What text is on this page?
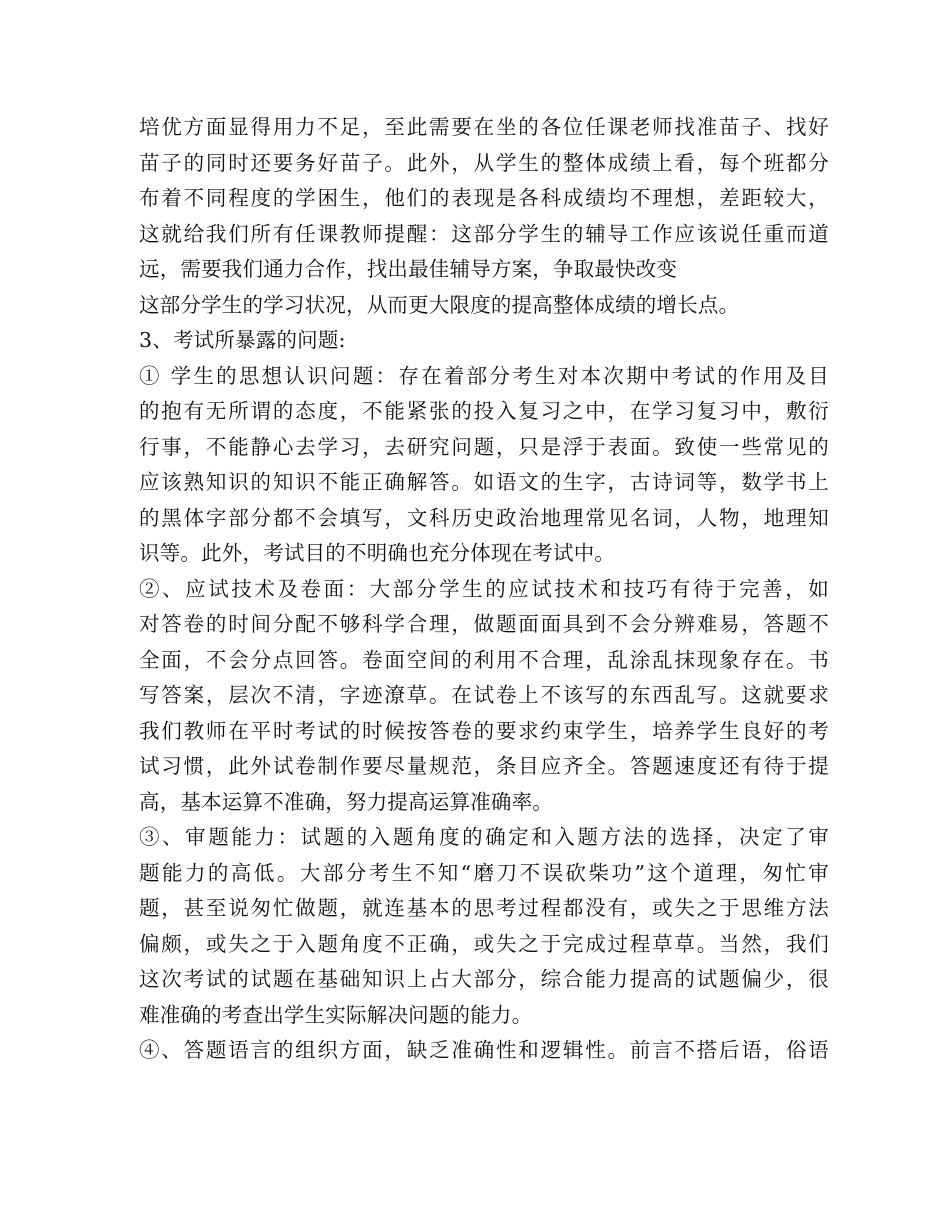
培优方面显得用力不足，至此需要在坐的各位任课老师找准苗子、找好
苗子的同时还要务好苗子。此外，从学生的整体成绩上看，每个班都分
布着不同程度的学困生，他们的表现是各科成绩均不理想，差距较大，
这就给我们所有任课教师提醒：这部分学生的辅导工作应该说任重而道
远，需要我们通力合作，找出最佳辅导方案，争取最快改变
这部分学生的学习状况，从而更大限度的提高整体成绩的增长点。
3、考试所暴露的问题:
① 学生的思想认识问题：存在着部分考生对本次期中考试的作用及目
的抱有无所谓的态度，不能紧张的投入复习之中，在学习复习中，敷衍
行事，不能静心去学习，去研究问题，只是浮于表面。致使一些常见的
应该熟知识的知识不能正确解答。如语文的生字，古诗词等，数学书上
的黑体字部分都不会填写，文科历史政治地理常见名词，人物，地理知
识等。此外，考试目的不明确也充分体现在考试中。
②、应试技术及卷面：大部分学生的应试技术和技巧有待于完善，如
对答卷的时间分配不够科学合理，做题面面具到不会分辨难易，答题不
全面，不会分点回答。卷面空间的利用不合理，乱涂乱抹现象存在。书
写答案，层次不清，字迹潦草。在试卷上不该写的东西乱写。这就要求
我们教师在平时考试的时候按答卷的要求约束学生，培养学生良好的考
试习惯，此外试卷制作要尽量规范，条目应齐全。答题速度还有待于提
高，基本运算不准确，努力提高运算准确率。
③、审题能力：试题的入题角度的确定和入题方法的选择，决定了审
题能力的高低。大部分考生不知“磨刀不误砍柴功”这个道理，匆忙审
题，甚至说匆忙做题，就连基本的思考过程都没有，或失之于思维方法
偏颇，或失之于入题角度不正确，或失之于完成过程草草。当然，我们
这次考试的试题在基础知识上占大部分，综合能力提高的试题偏少，很
难准确的考查出学生实际解决问题的能力。
④、答题语言的组织方面，缺乏准确性和逻辑性。前言不搭后语，俗语
